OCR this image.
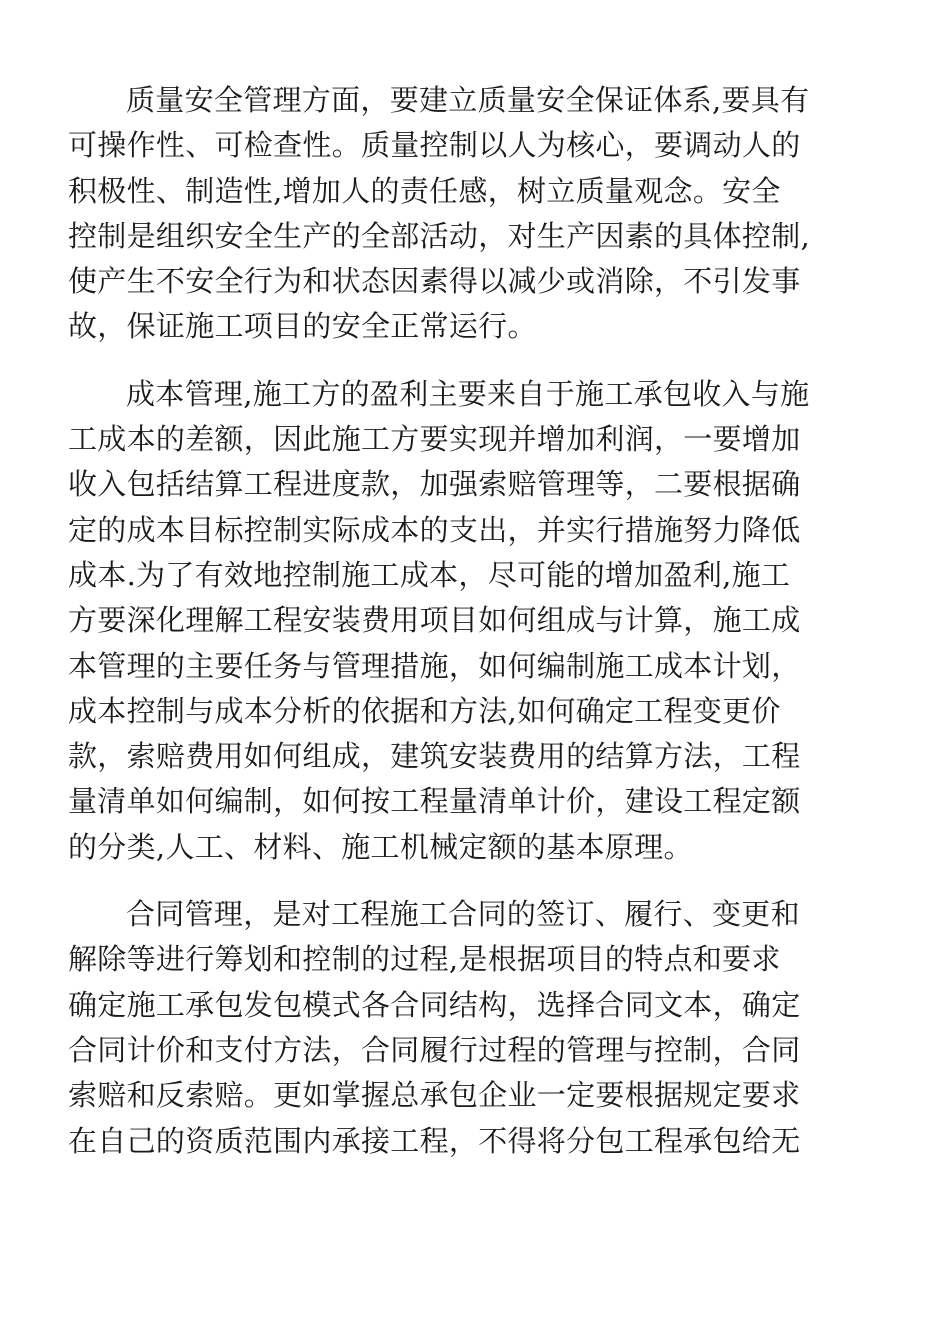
质量安全管理方面，要建立质量安全保证体系,要具有
可操作性、可检查性。质量控制以人为核心，要调动人的
积极性、制造性,增加人的责任感，树立质量观念。安全
控制是组织安全生产的全部活动，对生产因素的具体控制,
使产生不安全行为和状态因素得以减少或消除，不引发事
故，保证施工项目的安全正常运行。

成本管理,施工方的盈利主要来自于施工承包收入与施
工成本的差额，因此施工方要实现并增加利润，一要增加
收入包括结算工程进度款，加强索赔管理等，二要根据确
定的成本目标控制实际成本的支出，并实行措施努力降低
成本.为了有效地控制施工成本，尽可能的增加盈利,施工
方要深化理解工程安装费用项目如何组成与计算，施工成
本管理的主要任务与管理措施，如何编制施工成本计划，
成本控制与成本分析的依据和方法,如何确定工程变更价
款，索赔费用如何组成，建筑安装费用的结算方法，工程
量清单如何编制，如何按工程量清单计价，建设工程定额
的分类,人工、材料、施工机械定额的基本原理。

合同管理，是对工程施工合同的签订、履行、变更和
解除等进行筹划和控制的过程,是根据项目的特点和要求
确定施工承包发包模式各合同结构，选择合同文本，确定
合同计价和支付方法，合同履行过程的管理与控制，合同
索赔和反索赔。更如掌握总承包企业一定要根据规定要求
在自己的资质范围内承接工程，不得将分包工程承包给无
